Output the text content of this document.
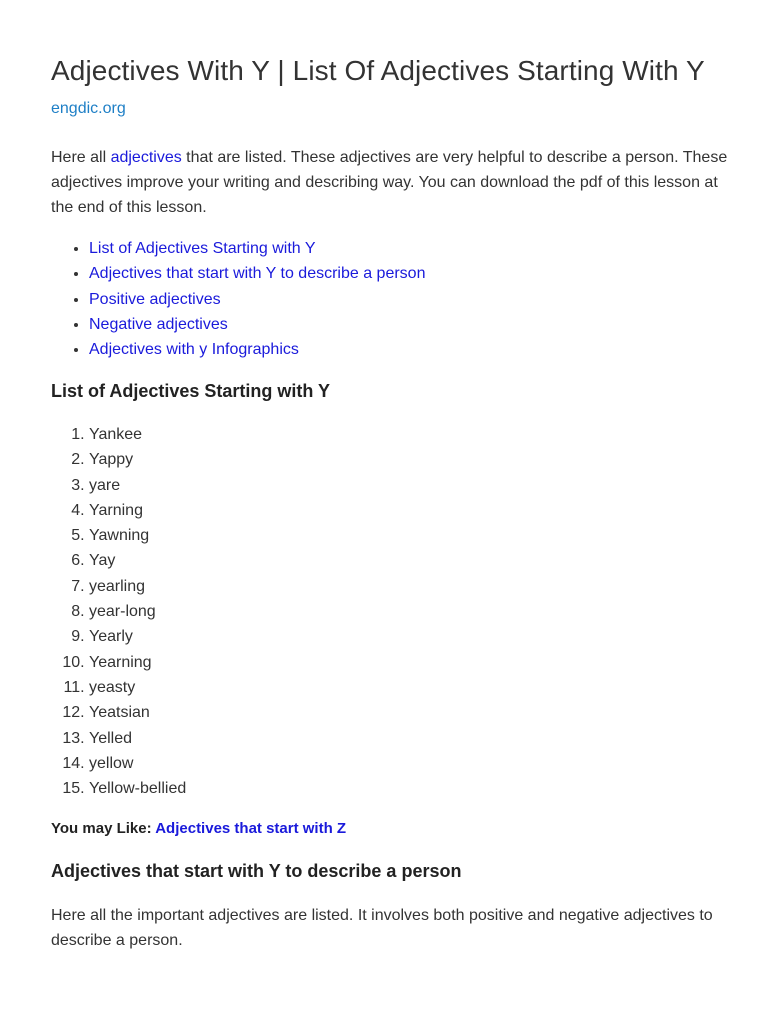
Adjectives With Y | List Of Adjectives Starting With Y
engdic.org

Here all adjectives that are listed. These adjectives are very helpful to describe a person. These adjectives improve your writing and describing way. You can download the pdf of this lesson at the end of this lesson.

• List of Adjectives Starting with Y
• Adjectives that start with Y to describe a person
• Positive adjectives
• Negative adjectives
• Adjectives with y Infographics
List of Adjectives Starting with Y
1. Yankee
2. Yappy
3. yare
4. Yarning
5. Yawning
6. Yay
7. yearling
8. year-long
9. Yearly
10. Yearning
11. yeasty
12. Yeatsian
13. Yelled
14. yellow
15. Yellow-bellied
You may Like: Adjectives that start with Z
Adjectives that start with Y to describe a person

Here all the important adjectives are listed. It involves both positive and negative adjectives to describe a person.
